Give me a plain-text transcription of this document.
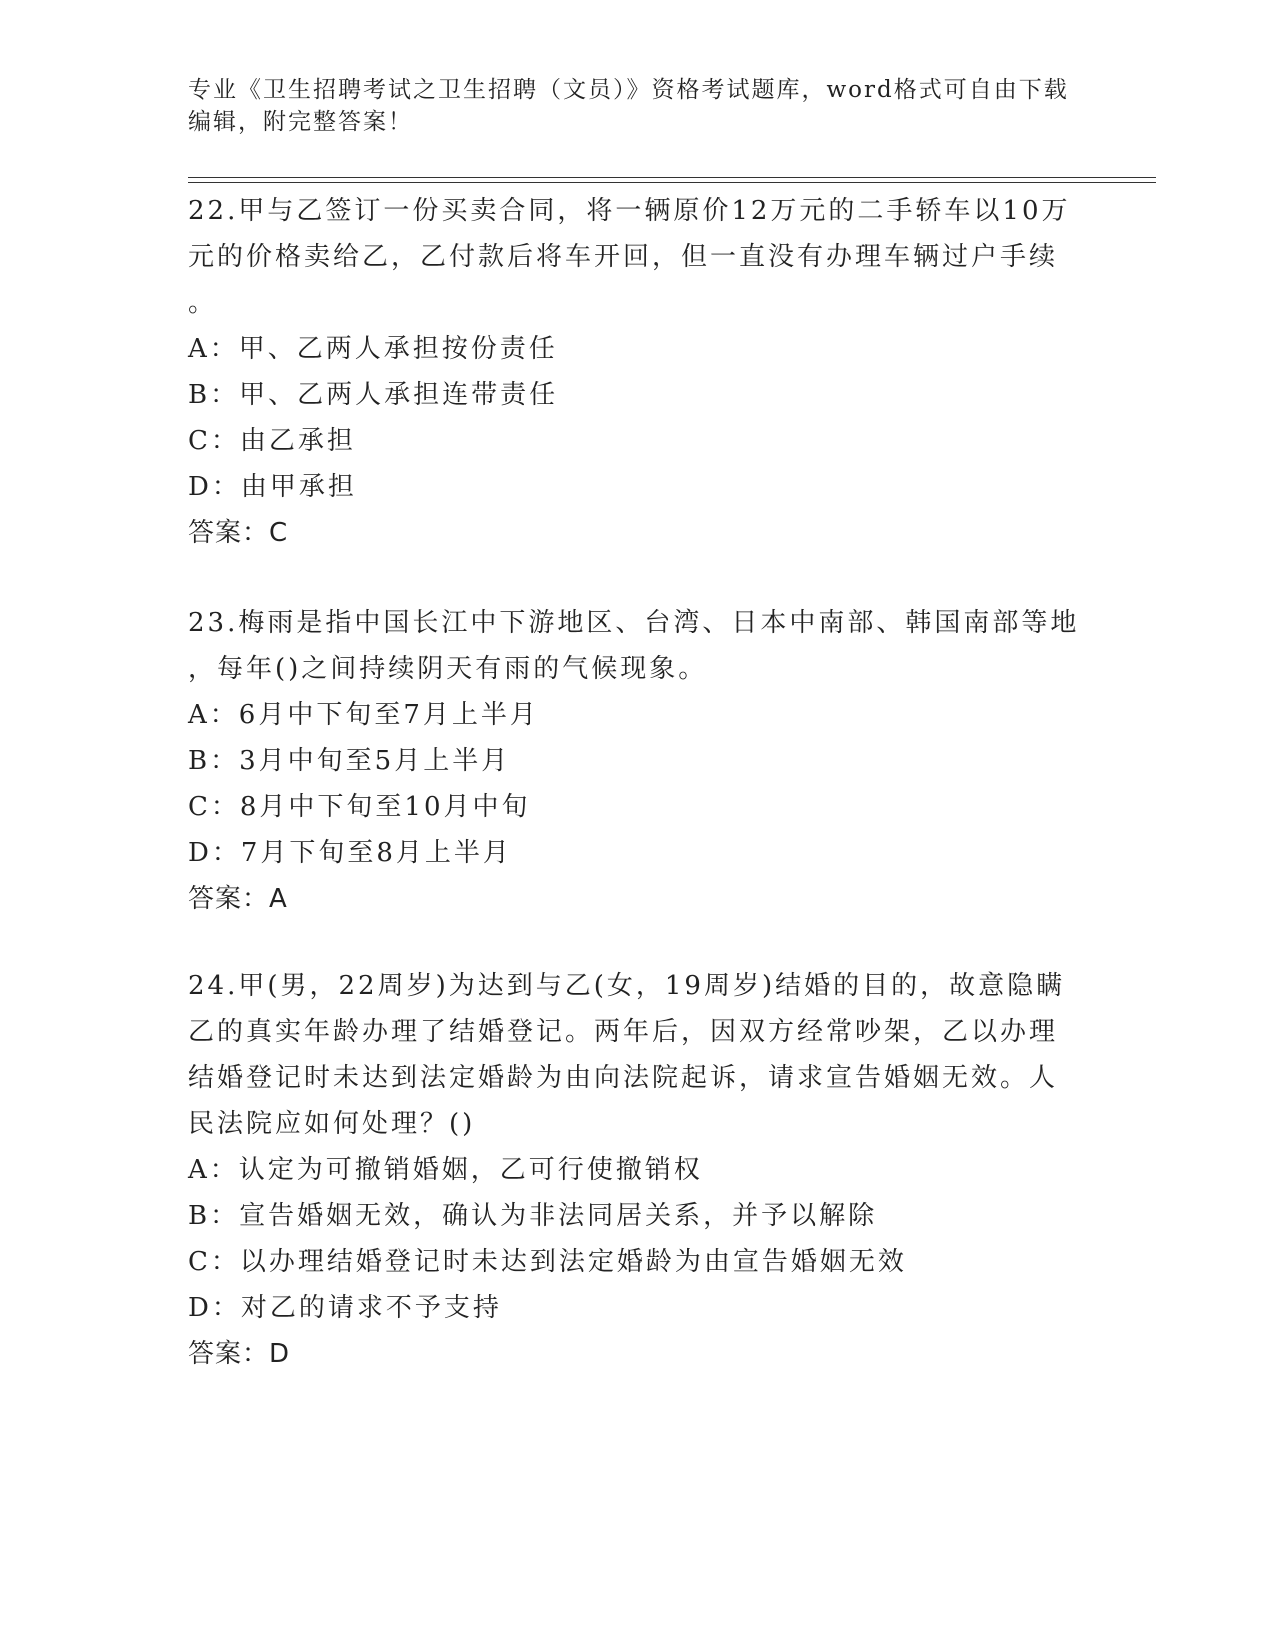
专业《卫生招聘考试之卫生招聘（文员）》资格考试题库，word格式可自由下载
编辑，附完整答案！
22.甲与乙签订一份买卖合同，将一辆原价12万元的二手轿车以10万
元的价格卖给乙，乙付款后将车开回，但一直没有办理车辆过户手续
。
A：甲、乙两人承担按份责任
B：甲、乙两人承担连带责任
C：由乙承担
D：由甲承担
答案：C
23.梅雨是指中国长江中下游地区、台湾、日本中南部、韩国南部等地
，每年()之间持续阴天有雨的气候现象。
A：6月中下旬至7月上半月
B：3月中旬至5月上半月
C：8月中下旬至10月中旬
D：7月下旬至8月上半月
答案：A
24.甲(男，22周岁)为达到与乙(女，19周岁)结婚的目的，故意隐瞒
乙的真实年龄办理了结婚登记。两年后，因双方经常吵架，乙以办理
结婚登记时未达到法定婚龄为由向法院起诉，请求宣告婚姻无效。人
民法院应如何处理？()
A：认定为可撤销婚姻，乙可行使撤销权
B：宣告婚姻无效，确认为非法同居关系，并予以解除
C：以办理结婚登记时未达到法定婚龄为由宣告婚姻无效
D：对乙的请求不予支持
答案：D
